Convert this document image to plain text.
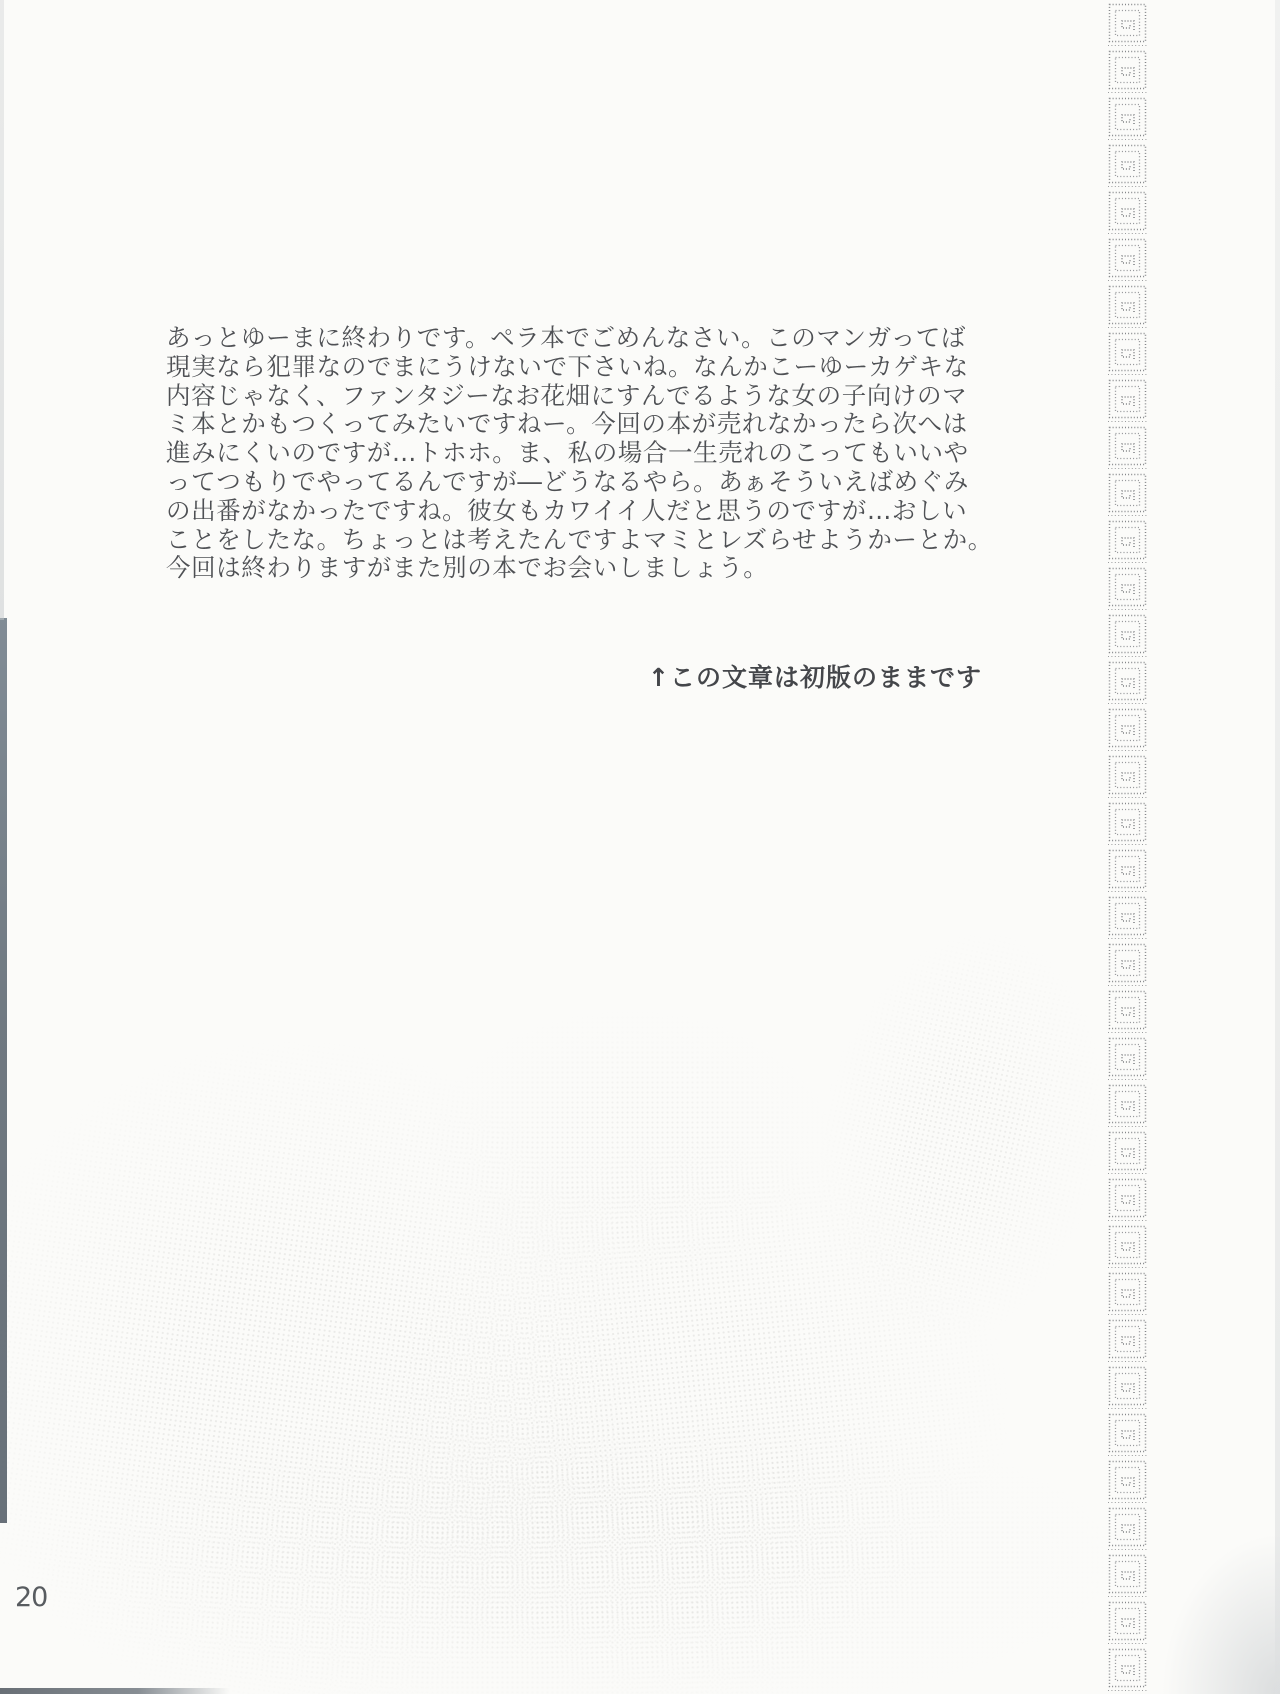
あっとゆーまに終わりです。ペラ本でごめんなさい。このマンガってば
現実なら犯罪なのでまにうけないで下さいね。なんかこーゆーカゲキな
内容じゃなく、ファンタジーなお花畑にすんでるような女の子向けのマ
ミ本とかもつくってみたいですねー。今回の本が売れなかったら次へは
進みにくいのですが…トホホ。ま、私の場合一生売れのこってもいいや
ってつもりでやってるんですが―どうなるやら。あぁそういえばめぐみ
の出番がなかったですね。彼女もカワイイ人だと思うのですが…おしい
ことをしたな。ちょっとは考えたんですよマミとレズらせようかーとか。
今回は終わりますがまた別の本でお会いしましょう。
↑この文章は初版のままです
20
